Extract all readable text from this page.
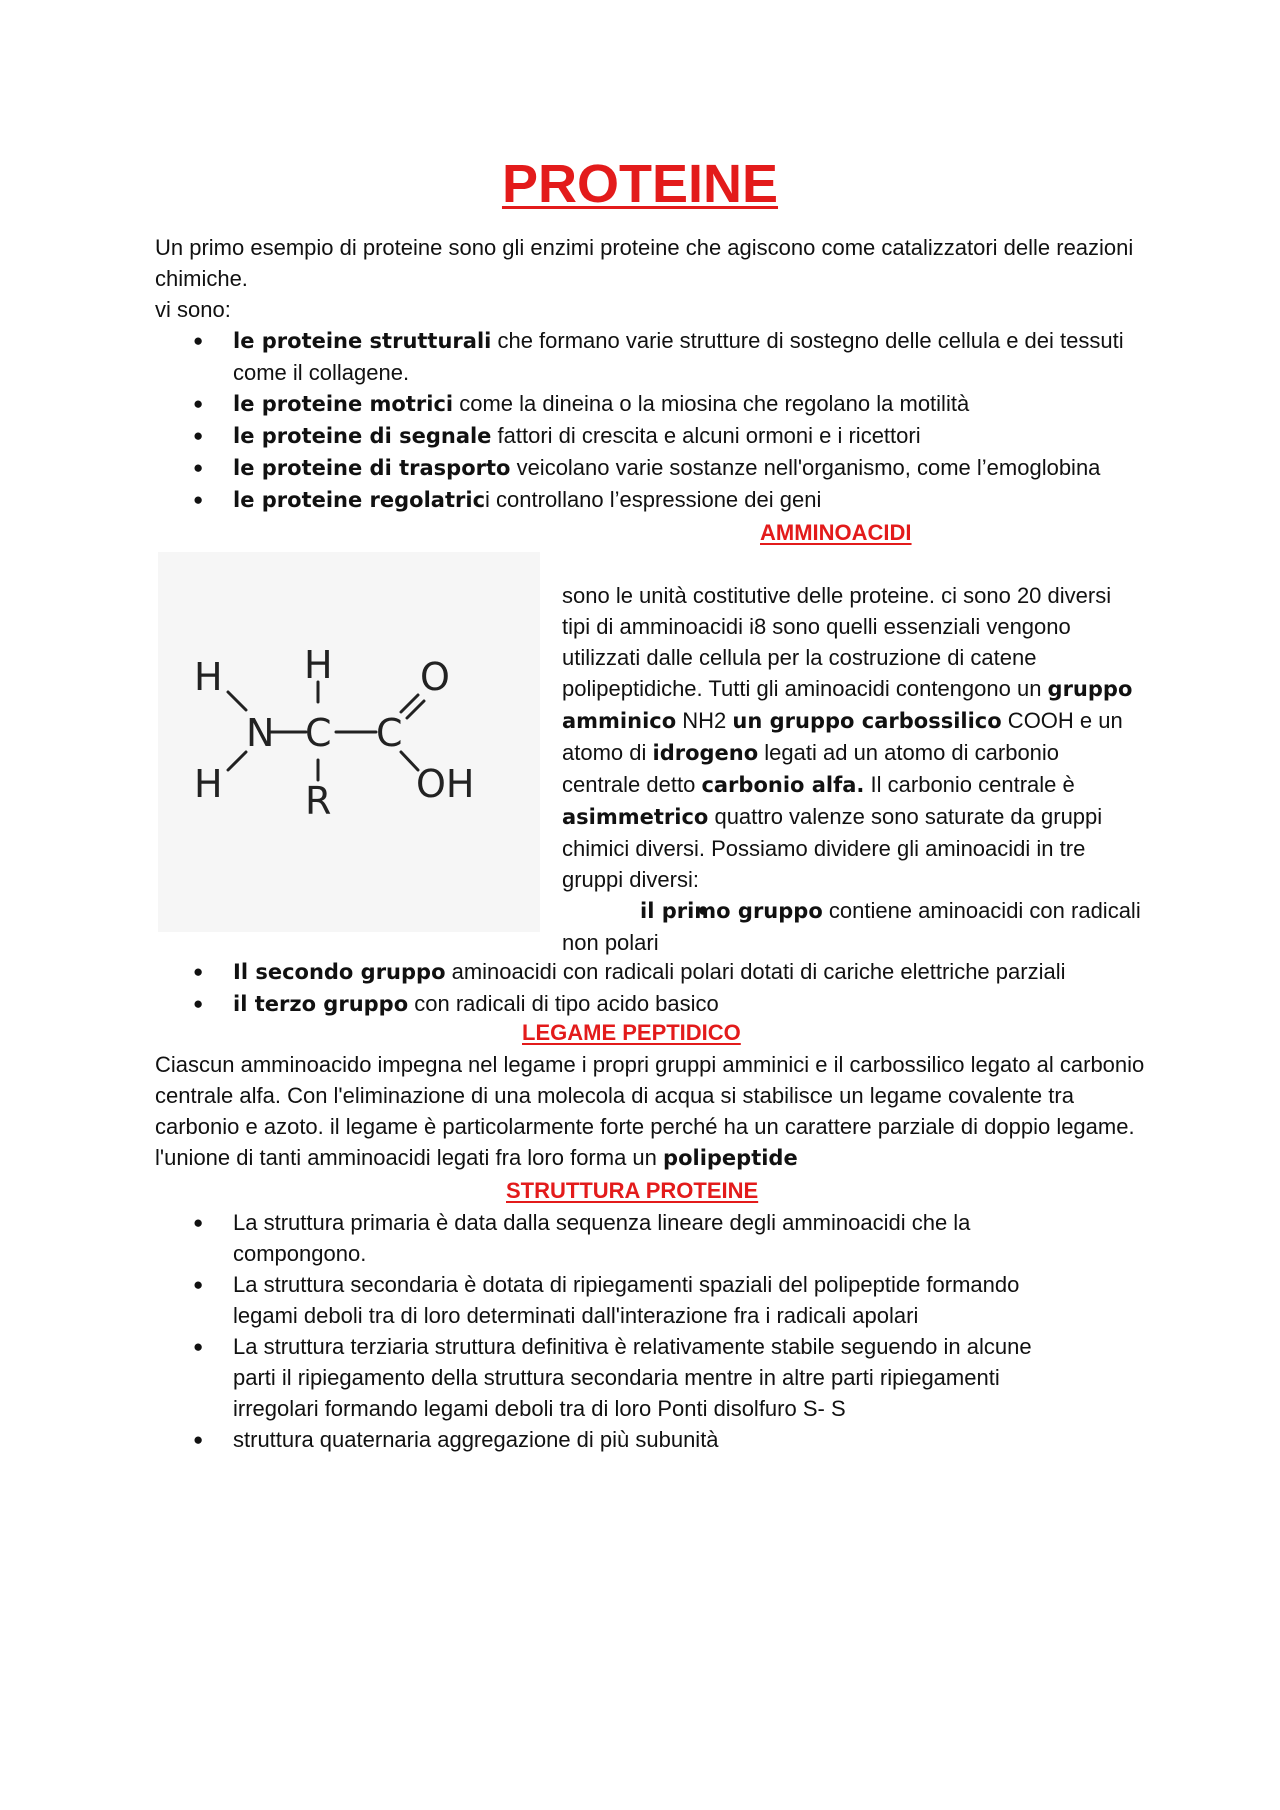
PROTEINE

Un primo esempio di proteine sono gli enzimi proteine che agiscono come catalizzatori delle reazioni chimiche.

vi sono:

● le proteine strutturali che formano varie strutture di sostegno delle cellula e dei tessuti come il collagene.
● le proteine motrici come la dineina o la miosina che regolano la motilità
● le proteine di segnale fattori di crescita e alcuni ormoni e i ricettori
● le proteine di trasporto veicolano varie sostanze nell'organismo, come l’emoglobina
● le proteine regolatrici controllano l’espressione dei geni
AMMINOACIDI
H H
H
N C C
O
OH
R

sono le unità costitutive delle proteine. ci sono 20 diversi tipi di amminoacidi i8 sono quelli essenziali vengono utilizzati dalle cellula per la costruzione di catene polipeptidiche. Tutti gli aminoacidi contengono un gruppo amminico NH2 un gruppo carbossilico COOH e un atomo di idrogeno legati ad un atomo di carbonio centrale detto carbonio alfa. Il carbonio centrale è asimmetrico quattro valenze sono saturate da gruppi chimici diversi. Possiamo dividere gli aminoacidi in tre gruppi diversi:

● il primo gruppo contiene aminoacidi con radicali non polari

● Il secondo gruppo aminoacidi con radicali polari dotati di cariche elettriche parziali
● il terzo gruppo con radicali di tipo acido basico
LEGAME PEPTIDICO

Ciascun amminoacido impegna nel legame i propri gruppi amminici e il carbossilico legato al carbonio centrale alfa. Con l'eliminazione di una molecola di acqua si stabilisce un legame covalente tra carbonio e azoto. il legame è particolarmente forte perché ha un carattere parziale di doppio legame. l'unione di tanti amminoacidi legati fra loro forma un polipeptide

STRUTTURA PROTEINE
● La struttura primaria è data dalla sequenza lineare degli amminoacidi che la compongono.
● La struttura secondaria è dotata di ripiegamenti spaziali del polipeptide formando legami deboli tra di loro determinati dall'interazione fra i radicali apolari
● La struttura terziaria struttura definitiva è relativamente stabile seguendo in alcune parti il ripiegamento della struttura secondaria mentre in altre parti ripiegamenti irregolari formando legami deboli tra di loro Ponti disolfuro S- S
● struttura quaternaria aggregazione di più subunità
